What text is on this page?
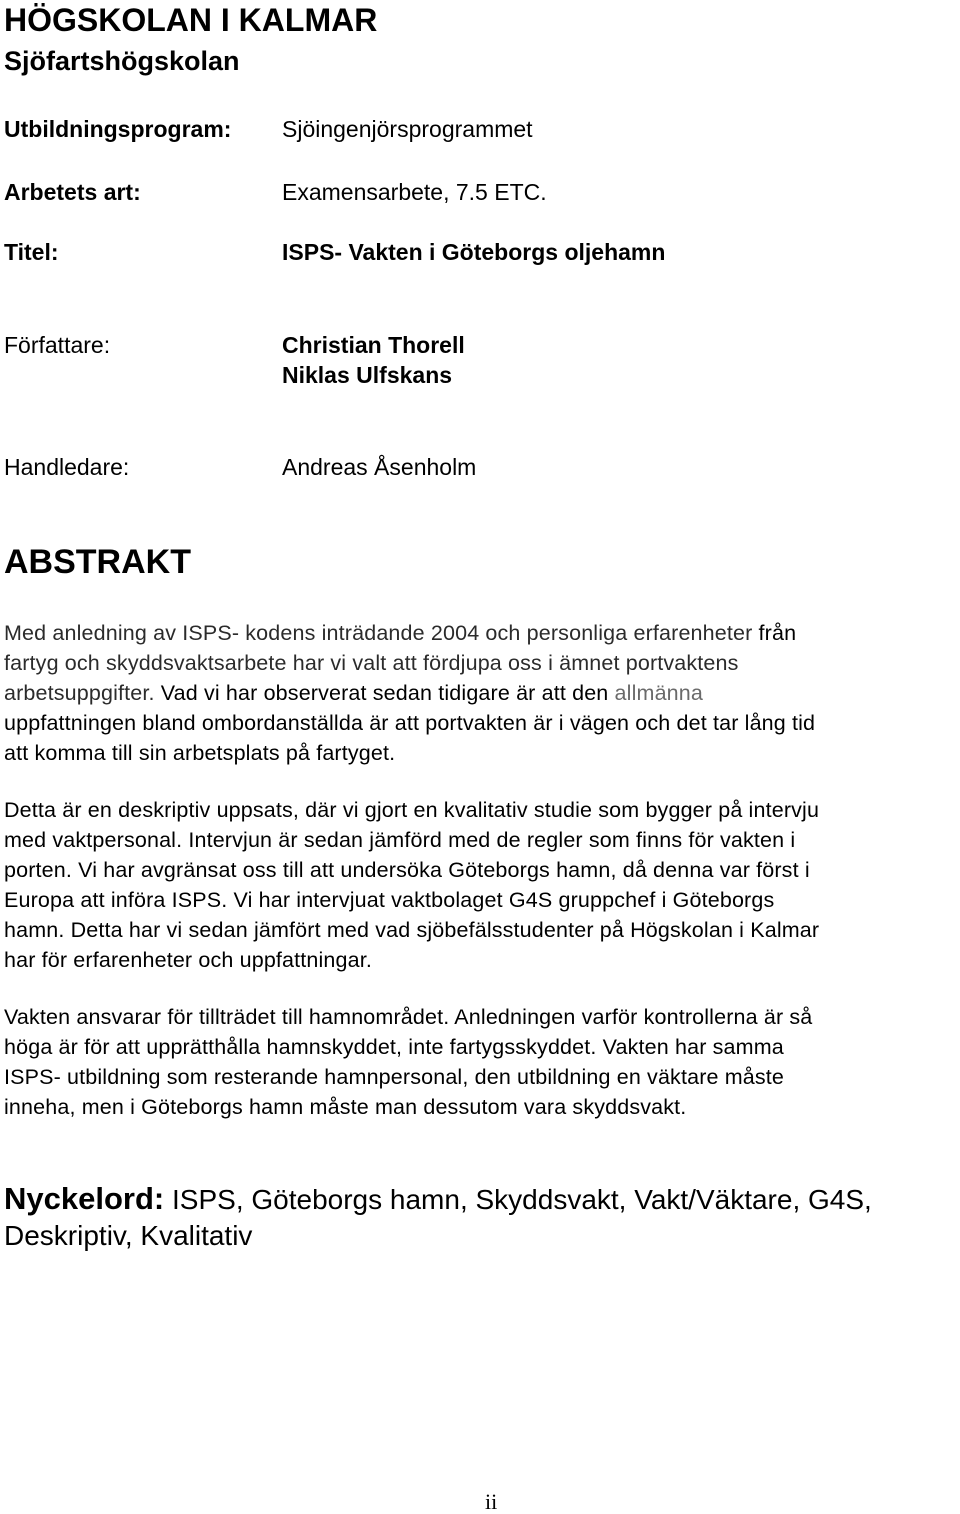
HÖGSKOLAN I KALMAR
Sjöfartshögskolan
Utbildningsprogram: Sjöingenjörsprogrammet
Arbetets art:	Examensarbete, 7.5 ETC.
Titel:	ISPS- Vakten i Göteborgs oljehamn
Författare:	Christian Thorell
Niklas Ulfskans
Handledare:	Andreas Åsenholm
ABSTRAKT
Med anledning av ISPS- kodens inträdande 2004 och personliga erfarenheter från
fartyg och skyddsvaktsarbete har vi valt att fördjupa oss i ämnet portvaktens
arbetsuppgifter. Vad vi har observerat sedan tidigare är att den allmänna
uppfattningen bland ombordanställda är att portvakten är i vägen och det tar lång tid
att komma till sin arbetsplats på fartyget.
Detta är en deskriptiv uppsats, där vi gjort en kvalitativ studie som bygger på intervju
med vaktpersonal. Intervjun är sedan jämförd med de regler som finns för vakten i
porten. Vi har avgränsat oss till att undersöka Göteborgs hamn, då denna var först i
Europa att införa ISPS. Vi har intervjuat vaktbolaget G4S gruppchef i Göteborgs
hamn. Detta har vi sedan jämfört med vad sjöbefälsstudenter på Högskolan i Kalmar
har för erfarenheter och uppfattningar.
Vakten ansvarar för tillträdet till hamnområdet. Anledningen varför kontrollerna är så
höga är för att upprätthålla hamnskyddet, inte fartygsskyddet. Vakten har samma
ISPS- utbildning som resterande hamnpersonal, den utbildning en väktare måste
inneha, men i Göteborgs hamn måste man dessutom vara skyddsvakt.
Nyckelord: ISPS, Göteborgs hamn, Skyddsvakt, Vakt/Väktare, G4S,
Deskriptiv, Kvalitativ
ii
